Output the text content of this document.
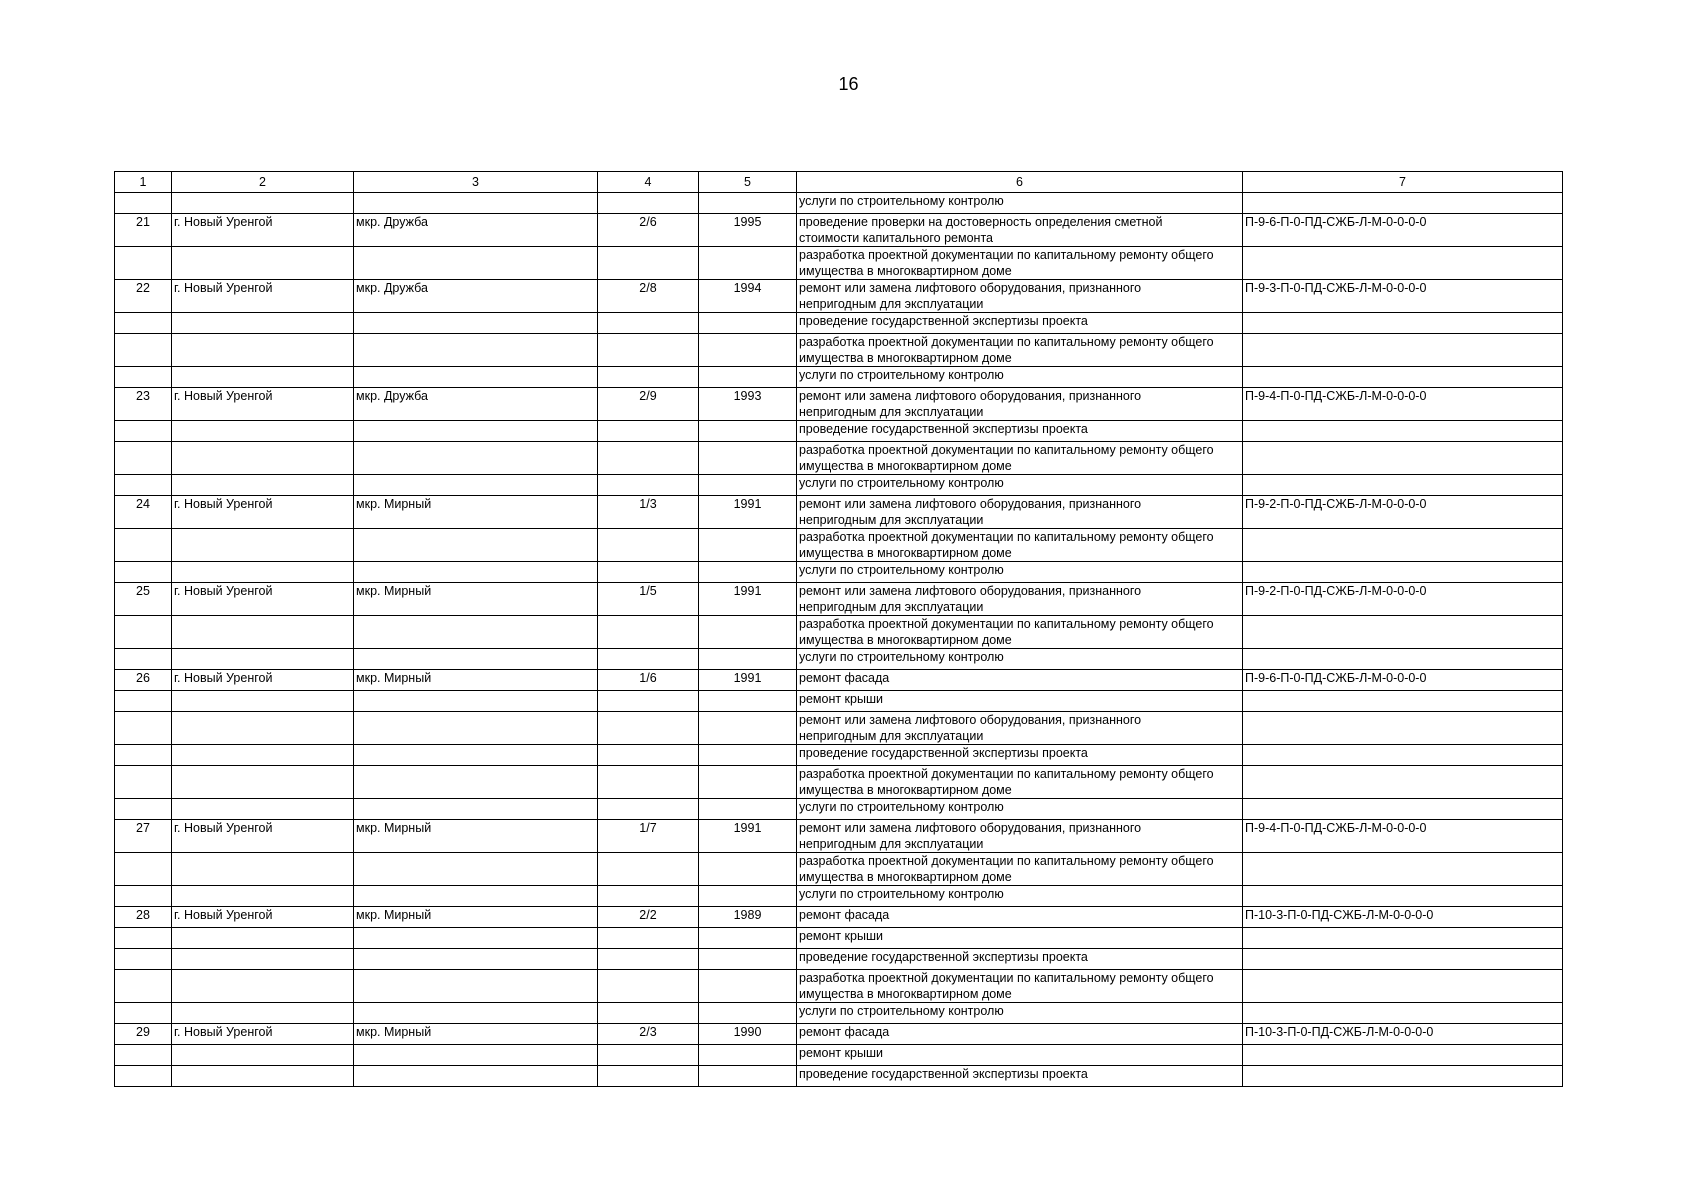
16
1	2	3	4	5	6	7
					услуги по строительному контролю	
21	г. Новый Уренгой	мкр. Дружба	2/6	1995	проведение проверки на достоверность определения сметной стоимости капитального ремонта	П-9-6-П-0-ПД-СЖБ-Л-М-0-0-0-0
					разработка проектной документации по капитальному ремонту общего имущества в многоквартирном доме	
22	г. Новый Уренгой	мкр. Дружба	2/8	1994	ремонт или замена лифтового оборудования, признанного непригодным для эксплуатации	П-9-3-П-0-ПД-СЖБ-Л-М-0-0-0-0
					проведение государственной экспертизы проекта	
					разработка проектной документации по капитальному ремонту общего имущества в многоквартирном доме	
					услуги по строительному контролю	
23	г. Новый Уренгой	мкр. Дружба	2/9	1993	ремонт или замена лифтового оборудования, признанного непригодным для эксплуатации	П-9-4-П-0-ПД-СЖБ-Л-М-0-0-0-0
					проведение государственной экспертизы проекта	
					разработка проектной документации по капитальному ремонту общего имущества в многоквартирном доме	
					услуги по строительному контролю	
24	г. Новый Уренгой	мкр. Мирный	1/3	1991	ремонт или замена лифтового оборудования, признанного непригодным для эксплуатации	П-9-2-П-0-ПД-СЖБ-Л-М-0-0-0-0
					разработка проектной документации по капитальному ремонту общего имущества в многоквартирном доме	
					услуги по строительному контролю	
25	г. Новый Уренгой	мкр. Мирный	1/5	1991	ремонт или замена лифтового оборудования, признанного непригодным для эксплуатации	П-9-2-П-0-ПД-СЖБ-Л-М-0-0-0-0
					разработка проектной документации по капитальному ремонту общего имущества в многоквартирном доме	
					услуги по строительному контролю	
26	г. Новый Уренгой	мкр. Мирный	1/6	1991	ремонт фасада	П-9-6-П-0-ПД-СЖБ-Л-М-0-0-0-0
					ремонт крыши	
					ремонт или замена лифтового оборудования, признанного непригодным для эксплуатации	
					проведение государственной экспертизы проекта	
					разработка проектной документации по капитальному ремонту общего имущества в многоквартирном доме	
					услуги по строительному контролю	
27	г. Новый Уренгой	мкр. Мирный	1/7	1991	ремонт или замена лифтового оборудования, признанного непригодным для эксплуатации	П-9-4-П-0-ПД-СЖБ-Л-М-0-0-0-0
					разработка проектной документации по капитальному ремонту общего имущества в многоквартирном доме	
					услуги по строительному контролю	
28	г. Новый Уренгой	мкр. Мирный	2/2	1989	ремонт фасада	П-10-3-П-0-ПД-СЖБ-Л-М-0-0-0-0
					ремонт крыши	
					проведение государственной экспертизы проекта	
					разработка проектной документации по капитальному ремонту общего имущества в многоквартирном доме	
					услуги по строительному контролю	
29	г. Новый Уренгой	мкр. Мирный	2/3	1990	ремонт фасада	П-10-3-П-0-ПД-СЖБ-Л-М-0-0-0-0
					ремонт крыши	
					проведение государственной экспертизы проекта	
